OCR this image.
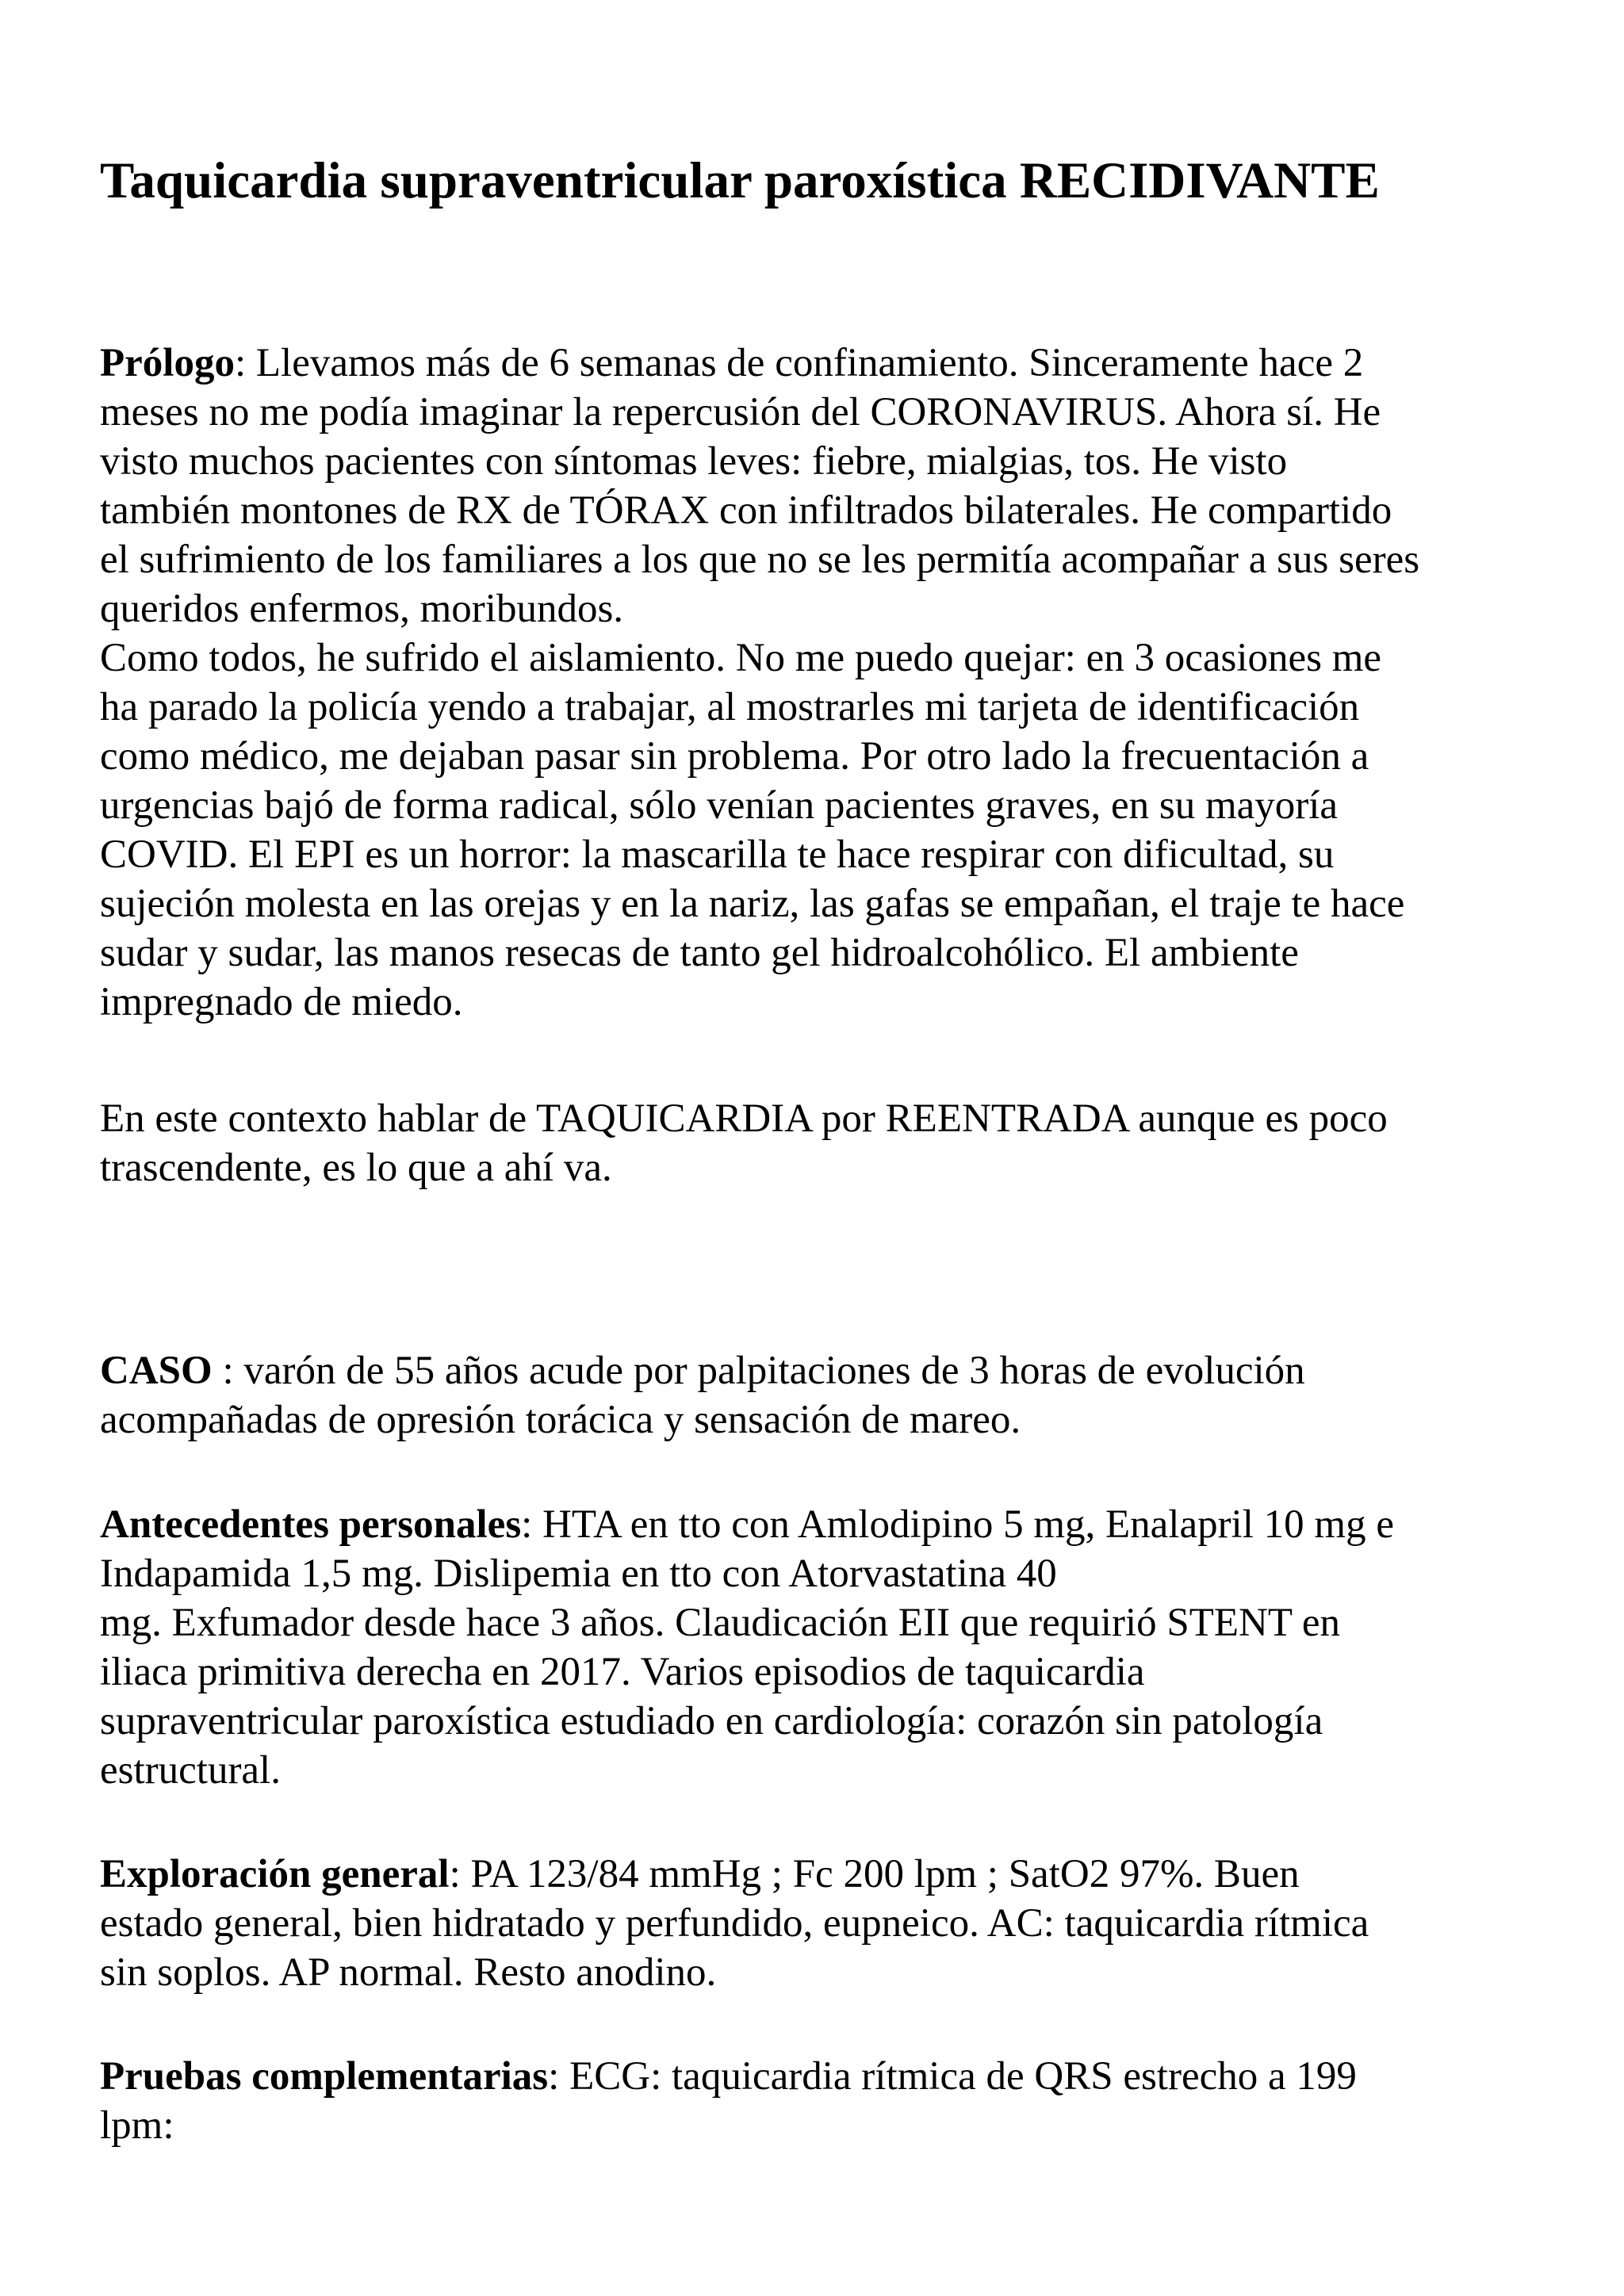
Taquicardia supraventricular paroxística RECIDIVANTE

Prólogo: Llevamos más de 6 semanas de confinamiento. Sinceramente hace 2
meses no me podía imaginar la repercusión del CORONAVIRUS. Ahora sí. He
visto muchos pacientes con síntomas leves: fiebre, mialgias, tos. He visto
también montones de RX de TÓRAX con infiltrados bilaterales. He compartido
el sufrimiento de los familiares a los que no se les permitía acompañar a sus seres
queridos enfermos, moribundos.

Como todos, he sufrido el aislamiento. No me puedo quejar: en 3 ocasiones me
ha parado la policía yendo a trabajar, al mostrarles mi tarjeta de identificación
como médico, me dejaban pasar sin problema. Por otro lado la frecuentación a
urgencias bajó de forma radical, sólo venían pacientes graves, en su mayoría
COVID. El EPI es un horror: la mascarilla te hace respirar con dificultad, su
sujeción molesta en las orejas y en la nariz, las gafas se empañan, el traje te hace
sudar y sudar, las manos resecas de tanto gel hidroalcohólico. El ambiente
impregnado de miedo.

En este contexto hablar de TAQUICARDIA por REENTRADA aunque es poco
trascendente, es lo que a ahí va.

CASO : varón de 55 años acude por palpitaciones de 3 horas de evolución
acompañadas de opresión torácica y sensación de mareo.

Antecedentes personales: HTA en tto con Amlodipino 5 mg, Enalapril 10 mg e
Indapamida 1,5 mg. Dislipemia en tto con Atorvastatina 40
mg. Exfumador desde hace 3 años. Claudicación EII que requirió STENT en
iliaca primitiva derecha en 2017. Varios episodios de taquicardia
supraventricular paroxística estudiado en cardiología: corazón sin patología
estructural.

Exploración general: PA 123/84 mmHg ; Fc 200 lpm ; SatO2 97%. Buen
estado general, bien hidratado y perfundido, eupneico. AC: taquicardia rítmica
sin soplos. AP normal. Resto anodino.

Pruebas complementarias: ECG: taquicardia rítmica de QRS estrecho a 199
lpm:
